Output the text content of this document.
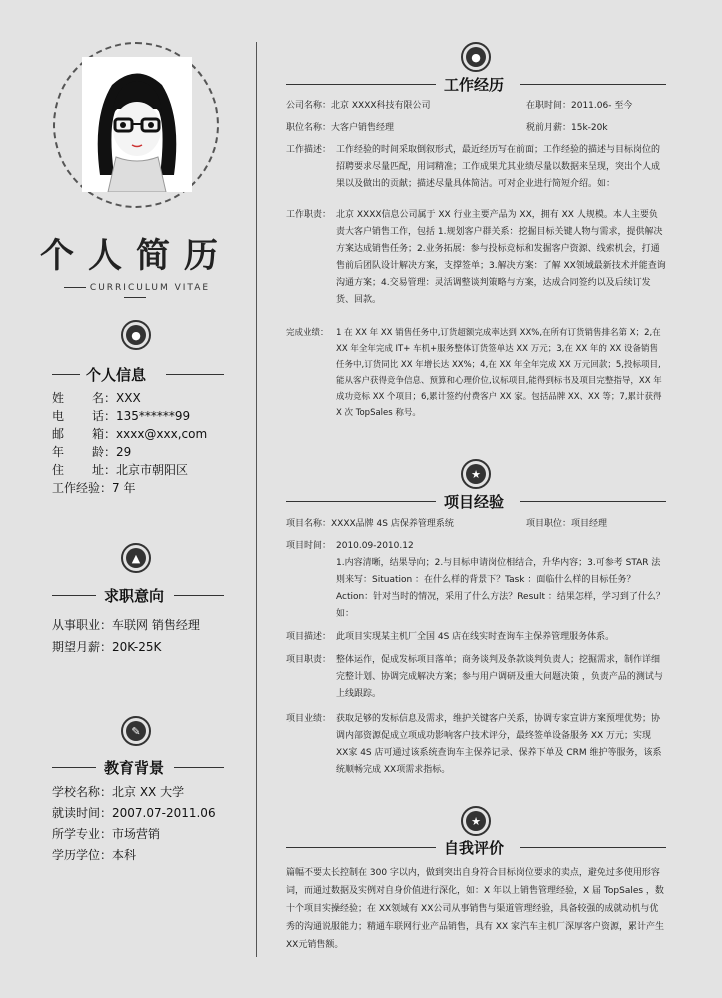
个人简历
CURRICULUM VITAE
●
个人信息
姓名：XXX
电话：135******99
邮箱：xxxx@xxx,com
年龄：29
住址：北京市朝阳区
工作经验：7 年
▲
求职意向
从事职业：车联网 销售经理
期望月薪：20K-25K
✎
教育背景
学校名称：北京 XX 大学
就读时间：2007.07-2011.06
所学专业：市场营销
学历学位：本科
●
工作经历
公司名称：北京 XXXX科技有限公司	在职时间：2011.06- 至今
职位名称：大客户销售经理	税前月薪：15k-20k
工作描述： 工作经验的时间采取倒叙形式，最近经历写在前面；工作经验的描述与目标岗位的招聘要求尽量匹配，用词精准；工作成果尤其业绩尽量以数据来呈现，突出个人成果以及做出的贡献；描述尽量具体简洁。可对企业进行简短介绍。如：
工作职责： 北京 XXXX信息公司属于 XX 行业主要产品为 XX，拥有 XX 人规模。本人主要负责大客户销售工作，包括 1.规划客户群关系：挖掘目标关键人物与需求，提供解决方案达成销售任务；2.业务拓展：参与投标竞标和发掘客户资源、线索机会，打通售前后团队设计解决方案，支撑签单；3.解决方案：了解 XX领域最新技术并能查询沟通方案；4.交易管理：灵活调整谈判策略与方案，达成合同签约以及后续订发货、回款。
完成业绩： 1 在 XX 年 XX 销售任务中,订货超额完成率达到 XX%,在所有订货销售排名第 X；2,在 XX 年全年完成 IT+ 车机+服务整体订货签单达 XX 万元；3,在 XX 年的 XX 设备销售任务中,订货同比 XX 年增长达 XX%；4,在 XX 年全年完成 XX 万元回款；5,投标项目,能从客户获得竞争信息、预算和心理价位,议标项目,能得到标书及项目完整指导，XX 年成功竞标 XX 个项目；6,累计签约付费客户 XX 家。包括品牌 XX、XX 等；7,累计获得 X 次 TopSales 称号。
★
项目经验
项目名称：XXXX品牌 4S 店保养管理系统	项目职位：项目经理
项目时间： 2010.09-2010.12
1.内容清晰，结果导向；2.与目标申请岗位相结合，升华内容；3.可参考 STAR 法则来写：Situation ：在什么样的背景下？Task ：面临什么样的目标任务？Action：针对当时的情况，采用了什么方法？Result ：结果怎样，学习到了什么？如：
项目描述： 此项目实现某主机厂全国 4S 店在线实时查询车主保养管理服务体系。
项目职责： 整体运作，促成发标项目落单；商务谈判及条款谈判负责人；挖掘需求，制作详细完整计划、协调完成解决方案；参与用户调研及重大问题决策 ，负责产品的测试与上线跟踪。
项目业绩： 获取足够的发标信息及需求，维护关键客户关系，协调专家宣讲方案预埋优势；协调内部资源促成立项成功影响客户技术评分，最终签单设备服务 XX 万元；实现 XX家 4S 店可通过该系统查询车主保养记录、保养下单及 CRM 维护等服务，该系统顺畅完成 XX项需求指标。
★
自我评价
篇幅不要太长控制在 300 字以内，做到突出自身符合目标岗位要求的卖点，避免过多使用形容词，而通过数据及实例对自身价值进行深化，如：X 年以上销售管理经验，X 届 TopSales ，数十个项目实操经验；在 XX领域有 XX公司从事销售与渠道管理经验，具备较强的成就动机与优秀的沟通说服能力；精通车联网行业产品销售，具有 XX 家汽车主机厂深厚客户资源，累计产生 XX元销售额。
